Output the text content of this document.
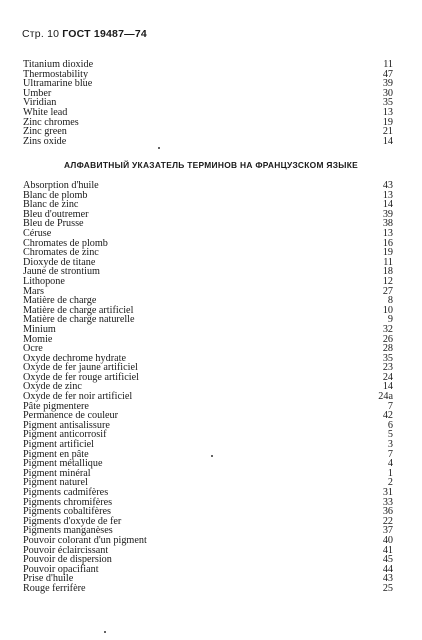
Стр. 10 ГОСТ 19487—74
Titanium dioxide	11
Thermostability	47
Ultramarine blue	39
Umber	30
Viridian	35
White lead	13
Zinc chromes	19
Zinc green	21
Zins oxide	14
АЛФАВИТНЫЙ УКАЗАТЕЛЬ ТЕРМИНОВ НА ФРАНЦУЗСКОМ ЯЗЫКЕ
Absorption d'huile	43
Blanc de plomb	13
Blanc de zinc	14
Bleu d'outremer	39
Bleu de Prusse	38
Céruse	13
Chromates de plomb	16
Chromates de zinc	19
Dioxyde de titane	11
Jaune de strontium	18
Lithopone	12
Mars	27
Matière de charge	8
Matière de charge artificiel	10
Matière de charge naturelle	9
Minium	32
Momie	26
Ocre	28
Oxyde dechrome hydrate	35
Oxyde de fer jaune artificiel	23
Oxyde de fer rouge artificiel	24
Oxyde de zinc	14
Oxyde de fer noir artificiel	24a
Pâte pigmentere	7
Permanence de couleur	42
Pigment antisalissure	6
Pigment anticorrosif	5
Pigment artificiel	3
Pigment en pâte	7
Pigment métallique	4
Pigment minéral	1
Pigment naturel	2
Pigments cadmifères	31
Pigments chromifères	33
Pigments cobaltifères	36
Pigments d'oxyde de fer	22
Pigments manganèses	37
Pouvoir colorant d'un pigment	40
Pouvoir éclaircissant	41
Pouvoir de dispersion	45
Pouvoir opacifiant	44
Prise d'huile	43
Rouge ferrifère	25
